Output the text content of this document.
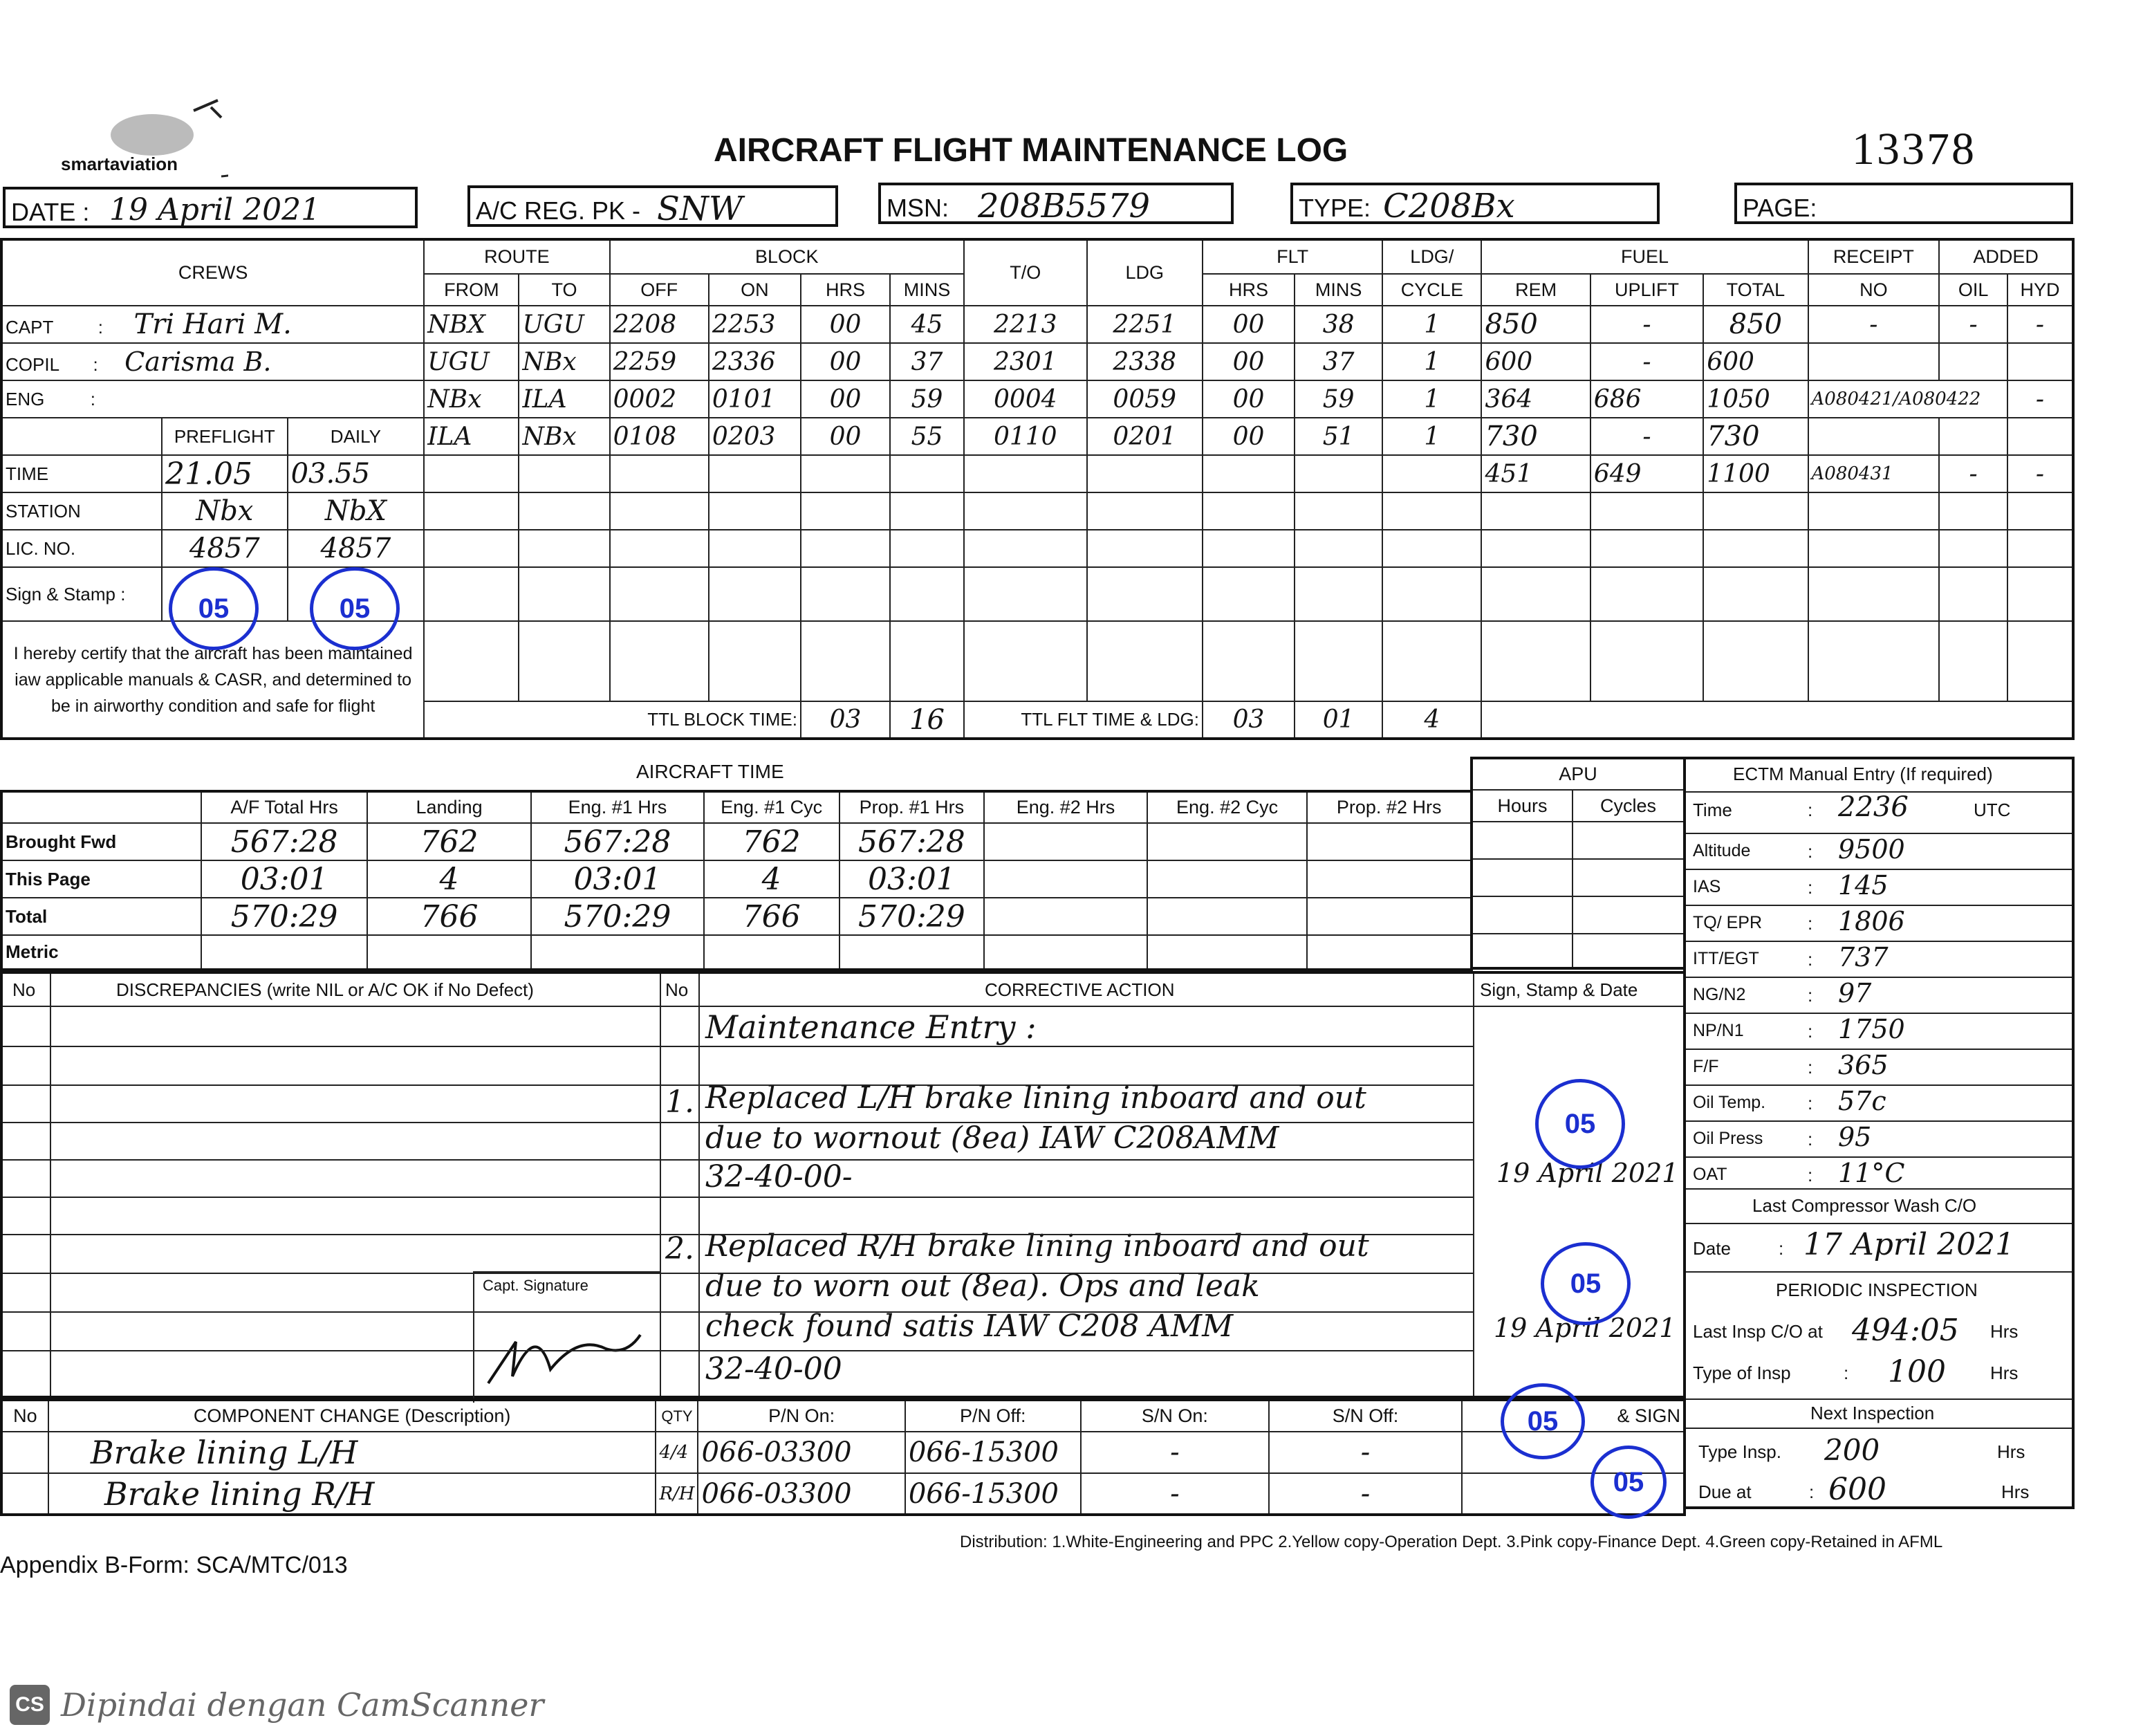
smartaviation	AIRCRAFT FLIGHT MAINTENANCE LOG	13378
DATE : 19 April 2021	A/C REG. PK - SNW	MSN: 208B5579	TYPE: C208Bx	PAGE:
CREWS			ROUTE		BLOCK				T/O	LDG	FLT		LDG/	FUEL			RECEIPT	ADDED	
			FROM	TO	OFF	ON	HRS	MINS			HRS	MINS	CYCLE	REM	UPLIFT	TOTAL	NO	OIL	HYD
CAPT : Tri Hari M.			NBX	UGU	2208	2253	00	45	2213	2251	00	38	1	850	-	850	-	-	-
COPIL : Carisma B.			UGU	NBx	2259	2336	00	37	2301	2338	00	37	1	600	-	600			
ENG :			NBx	ILA	0002	0101	00	59	0004	0059	00	59	1	364	686	1050	A080421/A080422		-
	PREFLIGHT	DAILY	ILA	NBx	0108	0203	00	55	0110	0201	00	51	1	730	-	730			
TIME	21.05	03.55												451	649	1100	A080431	-	-
STATION	Nbx	NbX																	
LIC. NO.	4857	4857																	
Sign & Stamp :																			
I hereby certify that the aircraft has been maintained iaw applicable manuals & CASR, and determined to be in airworthy condition and safe for flight																			
			TTL BLOCK TIME:				03	16	TTL FLT TIME & LDG:		03	01	4						
05	05
AIRCRAFT TIME
	A/F Total Hrs	Landing	Eng. #1 Hrs	Eng. #1 Cyc	Prop. #1 Hrs	Eng. #2 Hrs	Eng. #2 Cyc	Prop. #2 Hrs
Brought Fwd	567:28	762	567:28	762	567:28			
This Page	03:01	4	03:01	4	03:01			
Total	570:29	766	570:29	766	570:29			
Metric								
APU	
Hours	Cycles

ECTM Manual Entry (If required)
Time	: 2236	UTC
Last Compressor Wash C/O
Date	: 17 April 2021
PERIODIC INSPECTION
Last Insp C/O at 494:05 Hrs
Type of Insp	: 100 Hrs
Next Inspection
Type Insp. 200	Hrs
Due at	: 600	Hrs
Altitude	: 9500
IAS	: 145
TQ/ EPR	: 1806
ITT/EGT	: 737
NG/N2	: 97
NP/N1	: 1750
F/F	: 365
Oil Temp. : 57c
Oil Press : 95
OAT	: 11°C
No	DISCREPANCIES (write NIL or A/C OK if No Defect)	No	CORRECTIVE ACTION	Sign, Stamp & Date
Maintenance Entry :
1. Replaced L/H brake lining inboard and out
due to wornout (8ea) IAW C208AMM
32-40-00-	19 April 2021
2. Replaced R/H brake lining inboard and out
due to worn out (8ea). Ops and leak
check found satis IAW C208 AMM
32-40-00
19 April 2021
Capt. Signature
05
05
No	COMPONENT CHANGE (Description)	QTY	P/N On:	P/N Off:	S/N On:	S/N Off:	& SIGN
	Brake lining L/H	4/4	066-03300	066-15300	-	-	
	Brake lining R/H	R/H	066-03300	066-15300	-	-	
05
05
Distribution: 1.White-Engineering and PPC 2.Yellow copy-Operation Dept. 3.Pink copy-Finance Dept. 4.Green copy-Retained in AFML
Appendix B-Form: SCA/MTC/013
CS Dipindai dengan CamScanner
